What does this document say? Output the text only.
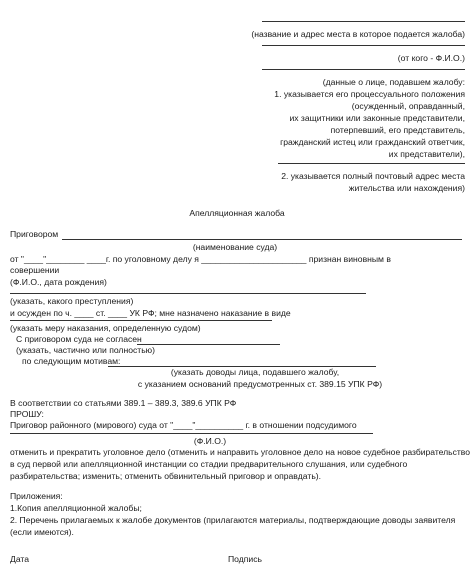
(название и адрес места в которое подается жалоба)
(от кого - Ф.И.О.)
(данные о лице, подавшем жалобу:
1. указывается его процессуального положения
(осужденный, оправданный,
их защитники или законные представители,
потерпевший, его представитель,
гражданский истец или гражданский ответчик,
их представители),
2. указывается полный почтовый адрес места
жительства или нахождения)
Апелляционная жалоба
Приговором
(наименование суда)
от "____"________ ____г. по уголовному делу я ______________________ признан виновным в
совершении
(Ф.И.О., дата рождения)
(указать, какого преступления)
и осужден по ч. ____ ст. ____ УК РФ; мне назначено наказание в виде
(указать меру наказания, определенную судом)
С приговором суда не согласен
(указать, частично или полностью)
по следующим мотивам:
(указать доводы лица, подавшего жалобу,
с указанием оснований предусмотренных ст. 389.15 УПК РФ)
В соответствии со статьями 389.1 – 389.3, 389.6 УПК РФ
ПРОШУ:
Приговор районного (мирового) суда от "____"__________ г. в отношении подсудимого
(Ф.И.О.)
отменить и прекратить уголовное дело (отменить и направить уголовное дело на новое судебное разбирательство
в суд первой или апелляционной инстанции со стадии предварительного слушания, или судебного
разбирательства; изменить; отменить обвинительный приговор и оправдать).
Приложения:
1.Копия апелляционной жалобы;
2. Перечень прилагаемых к жалобе документов (прилагаются материалы, подтверждающие доводы заявителя
(если имеются).
Дата	Подпись
